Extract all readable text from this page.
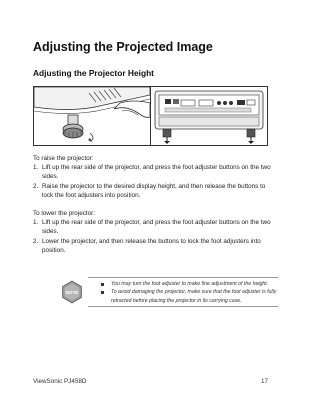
Adjusting the Projected Image
Adjusting the Projector Height
To raise the projector:
1. Lift up the rear side of the projector, and press the foot adjuster buttons on the two sides.
2. Raise the projector to the desired display height, and then release the buttons to lock the foot adjusters into position.
To lower the projector:
1. Lift up the rear side of the projector, and press the foot adjuster buttons on the two sides.
2. Lower the projector, and then release the buttons to lock the foot adjusters into position.
NOTE
You may turn the foot adjuster to make fine adjustment of the height.
To avoid damaging the projector, make sure that the foot adjuster is fully retracted before placing the projector in its carrying case.
ViewSonic PJ458D	17
